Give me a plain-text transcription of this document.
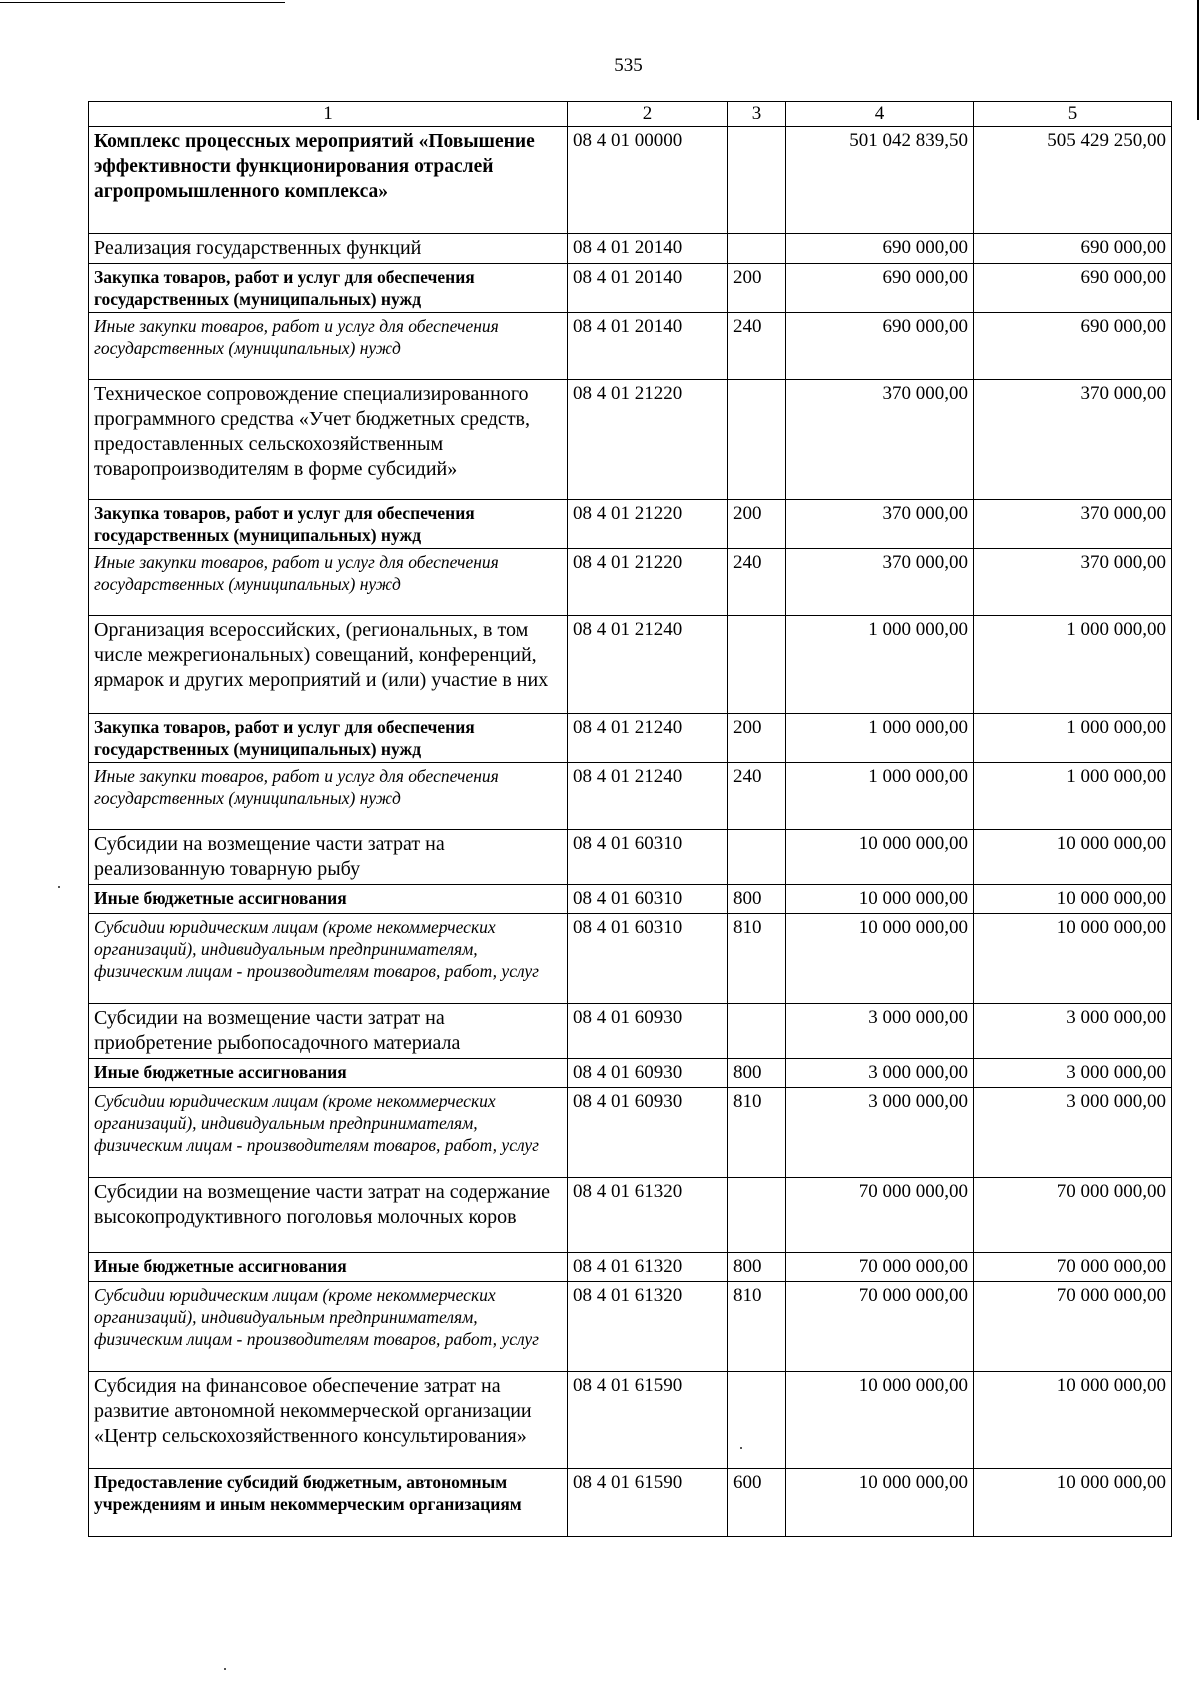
535
1	2	3	4	5
Комплекс процессных мероприятий «Повышение эффективности функционирования отраслей агропромышленного комплекса»	08 4 01 00000		501 042 839,50	505 429 250,00
Реализация государственных функций	08 4 01 20140		690 000,00	690 000,00
Закупка товаров, работ и услуг для обеспечения государственных (муниципальных) нужд	08 4 01 20140	200	690 000,00	690 000,00
Иные закупки товаров, работ и услуг для обеспечения государственных (муниципальных) нужд	08 4 01 20140	240	690 000,00	690 000,00
Техническое сопровождение специализированного программного средства «Учет бюджетных средств, предоставленных сельскохозяйственным товаропроизводителям в форме субсидий»	08 4 01 21220		370 000,00	370 000,00
Закупка товаров, работ и услуг для обеспечения государственных (муниципальных) нужд	08 4 01 21220	200	370 000,00	370 000,00
Иные закупки товаров, работ и услуг для обеспечения государственных (муниципальных) нужд	08 4 01 21220	240	370 000,00	370 000,00
Организация всероссийских, (региональных, в том числе межрегиональных) совещаний, конференций, ярмарок и других мероприятий и (или) участие в них	08 4 01 21240		1 000 000,00	1 000 000,00
Закупка товаров, работ и услуг для обеспечения государственных (муниципальных) нужд	08 4 01 21240	200	1 000 000,00	1 000 000,00
Иные закупки товаров, работ и услуг для обеспечения государственных (муниципальных) нужд	08 4 01 21240	240	1 000 000,00	1 000 000,00
Субсидии на возмещение части затрат на реализованную товарную рыбу	08 4 01 60310		10 000 000,00	10 000 000,00
Иные бюджетные ассигнования	08 4 01 60310	800	10 000 000,00	10 000 000,00
Субсидии юридическим лицам (кроме некоммерческих организаций), индивидуальным предпринимателям, физическим лицам - производителям товаров, работ, услуг	08 4 01 60310	810	10 000 000,00	10 000 000,00
Субсидии на возмещение части затрат на приобретение рыбопосадочного материала	08 4 01 60930		3 000 000,00	3 000 000,00
Иные бюджетные ассигнования	08 4 01 60930	800	3 000 000,00	3 000 000,00
Субсидии юридическим лицам (кроме некоммерческих организаций), индивидуальным предпринимателям, физическим лицам - производителям товаров, работ, услуг	08 4 01 60930	810	3 000 000,00	3 000 000,00
Субсидии на возмещение части затрат на содержание высокопродуктивного поголовья молочных коров	08 4 01 61320		70 000 000,00	70 000 000,00
Иные бюджетные ассигнования	08 4 01 61320	800	70 000 000,00	70 000 000,00
Субсидии юридическим лицам (кроме некоммерческих организаций), индивидуальным предпринимателям, физическим лицам - производителям товаров, работ, услуг	08 4 01 61320	810	70 000 000,00	70 000 000,00
Субсидия на финансовое обеспечение затрат на развитие автономной некоммерческой организации «Центр сельскохозяйственного консультирования»	08 4 01 61590		10 000 000,00	10 000 000,00
Предоставление субсидий бюджетным, автономным учреждениям и иным некоммерческим организациям	08 4 01 61590	600	10 000 000,00	10 000 000,00
